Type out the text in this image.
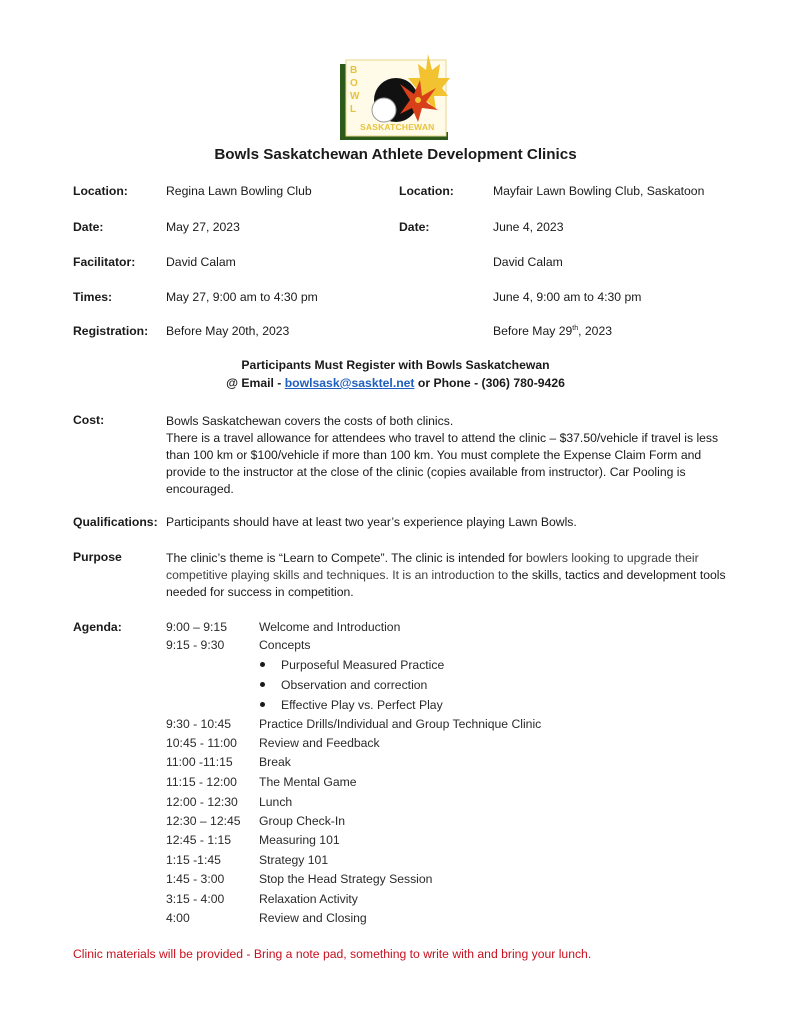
BOWL
SASKATCHEWAN
Bowls Saskatchewan Athlete Development Clinics
Location:	Regina Lawn Bowling Club	Location:	Mayfair Lawn Bowling Club, Saskatoon
Date:	May 27, 2023	Date:	June 4, 2023
Facilitator:	David Calam	David Calam
Times:	May 27, 9:00 am to 4:30 pm	June 4, 9:00 am to 4:30 pm
Registration: Before May 20th, 2023	Before May 29th, 2023
Participants Must Register with Bowls Saskatchewan
@ Email - bowlsask@sasktel.net or Phone - (306) 780-9426
Cost:	Bowls Saskatchewan covers the costs of both clinics.
There is a travel allowance for attendees who travel to attend the clinic – $37.50/vehicle if travel is less than 100 km or $100/vehicle if more than 100 km. You must complete the Expense Claim Form and provide to the instructor at the close of the clinic (copies available from instructor). Car Pooling is encouraged.
Qualifications: Participants should have at least two year’s experience playing Lawn Bowls.
Purpose	The clinic’s theme is “Learn to Compete”. The clinic is intended for bowlers looking to upgrade their competitive playing skills and techniques. It is an introduction to the skills, tactics and development tools needed for success in competition.
Agenda:	9:00 – 9:15	Welcome and Introduction
9:15 - 9:30	Concepts
Purposeful Measured Practice
Observation and correction
Effective Play vs. Perfect Play
9:30 - 10:45 Practice Drills/Individual and Group Technique Clinic
10:45 - 11:00 Review and Feedback
11:00 -11:15 Break
11:15 - 12:00 The Mental Game
12:00 - 12:30 Lunch
12:30 – 12:45 Group Check-In
12:45 - 1:15 Measuring 101
1:15 -1:45	Strategy 101
1:45 - 3:00	Stop the Head Strategy Session
3:15 - 4:00	Relaxation Activity
4:00	Review and Closing
Clinic materials will be provided - Bring a note pad, something to write with and bring your lunch.
